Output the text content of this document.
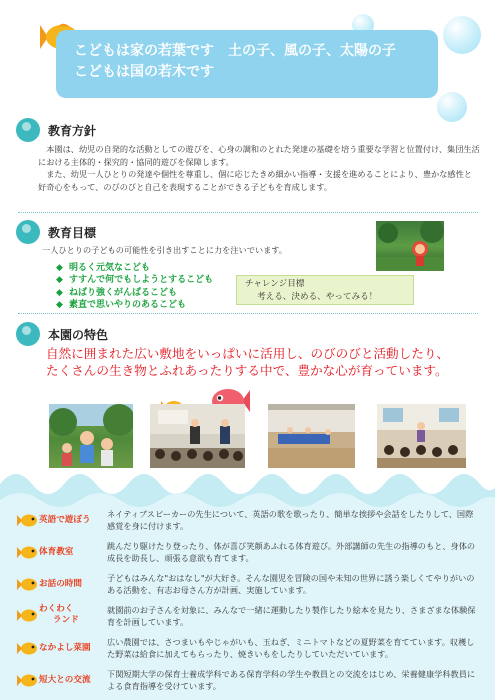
こどもは家の若葉です　土の子、風の子、太陽の子
こどもは国の若木です
教育方針

　本園は、幼児の自発的な活動としての遊びを、心身の調和のとれた発達の基礎を培う重要な学習と位置付け、集団生活における主体的・探究的・協同的遊びを保障します。

　また、幼児一人ひとりの発達や個性を尊重し、個に応じたきめ細かい指導・支援を進めることにより、豊かな感性と好奇心をもって、のびのびと自己を表現することができる子どもを育成します。

教育目標

一人ひとりの子どもの可能性を引き出すことに力を注いでいます。

◆ 明るく元気なこども
◆ すすんで何でもしようとするこども
◆ ねばり強くがんばるこども
◆ 素直で思いやりのあるこども
チャレンジ目標
考える、決める、やってみる！
本園の特色
自然に囲まれた広い敷地をいっぱいに活用し、のびのびと活動したり、
たくさんの生き物とふれあったりする中で、豊かな心が育っています。
英語で遊ぼう
ネイティブスピーカーの先生について、英語の歌を歌ったり、簡単な挨拶や会話をしたりして、国際感覚を身に付けます。
体育教室
跳んだり駆けたり登ったり、体が喜び笑顔あふれる体育遊び。外部講師の先生の指導のもと、身体の成長を助長し、頑張る意欲も育てます。
お話の時間
子どもはみんな"おはなし"が大好き。そんな園児を冒険の国や未知の世界に誘う楽しくてやりがいのある活動を、有志お母さん方が計画、実施しています。
わくわく
ランド
就園前のお子さんを対象に、みんなで一緒に運動したり製作したり絵本を見たり、さまざまな体験保育を計画しています。
なかよし菜園
広い農園では、さつまいもやじゃがいも、玉ねぎ、ミニトマトなどの夏野菜を育てています。収穫した野菜は給食に加えてもらったり、焼きいもをしたりしていただいています。
短大との交流
下関短期大学の保育士養成学科である保育学科の学生や教員との交流をはじめ、栄養健康学科教員による食育指導を受けています。
